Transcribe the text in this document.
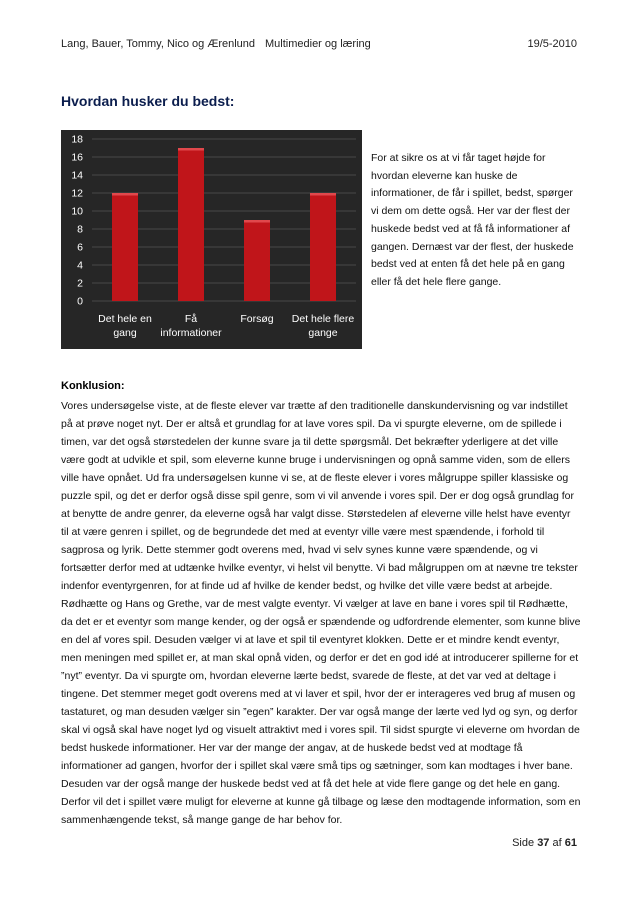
Lang, Bauer, Tommy, Nico og Ærenlund Multimedier og læring	19/5-2010
Hvordan husker du bedst:
0
2
4
6
8
10
12
14
16
18
Det hele en
gang
Få
informationer
Forsøg Det hele flere
gange
For at sikre os at vi får taget højde for hvordan eleverne kan huske de informationer, de får i spillet, bedst, spørger vi dem om dette også. Her var der flest der huskede bedst ved at få få informationer af gangen. Dernæst var der flest, der huskede bedst ved at enten få det hele på en gang eller få det hele flere gange.
Konklusion:
Vores undersøgelse viste, at de fleste elever var trætte af den traditionelle danskundervisning og var indstillet på at prøve noget nyt. Der er altså et grundlag for at lave vores spil. Da vi spurgte eleverne, om de spillede i timen, var det også størstedelen der kunne svare ja til dette spørgsmål. Det bekræfter yderligere at det ville være godt at udvikle et spil, som eleverne kunne bruge i undervisningen og opnå samme viden, som de ellers ville have opnået. Ud fra undersøgelsen kunne vi se, at de fleste elever i vores målgruppe spiller klassiske og puzzle spil, og det er derfor også disse spil genre, som vi vil anvende i vores spil. Der er dog også grundlag for at benytte de andre genrer, da eleverne også har valgt disse. Størstedelen af eleverne ville helst have eventyr til at være genren i spillet, og de begrundede det med at eventyr ville være mest spændende, i forhold til sagprosa og lyrik. Dette stemmer godt overens med, hvad vi selv synes kunne være spændende, og vi fortsætter derfor med at udtænke hvilke eventyr, vi helst vil benytte. Vi bad målgruppen om at nævne tre tekster indenfor eventyrgenren, for at finde ud af hvilke de kender bedst, og hvilke det ville være bedst at arbejde. Rødhætte og Hans og Grethe, var de mest valgte eventyr. Vi vælger at lave en bane i vores spil til Rødhætte, da det er et eventyr som mange kender, og der også er spændende og udfordrende elementer, som kunne blive en del af vores spil. Desuden vælger vi at lave et spil til eventyret klokken. Dette er et mindre kendt eventyr, men meningen med spillet er, at man skal opnå viden, og derfor er det en god idé at introducerer spillerne for et ”nyt” eventyr. Da vi spurgte om, hvordan eleverne lærte bedst, svarede de fleste, at det var ved at deltage i tingene. Det stemmer meget godt overens med at vi laver et spil, hvor der er interageres ved brug af musen og tastaturet, og man desuden vælger sin ”egen” karakter. Der var også mange der lærte ved lyd og syn, og derfor skal vi også skal have noget lyd og visuelt attraktivt med i vores spil. Til sidst spurgte vi eleverne om hvordan de bedst huskede informationer. Her var der mange der angav, at de huskede bedst ved at modtage få informationer ad gangen, hvorfor der i spillet skal være små tips og sætninger, som kan modtages i hver bane. Desuden var der også mange der huskede bedst ved at få det hele at vide flere gange og det hele en gang. Derfor vil det i spillet være muligt for eleverne at kunne gå tilbage og læse den modtagende information, som en sammenhængende tekst, så mange gange de har behov for.
Side 37 af 61
